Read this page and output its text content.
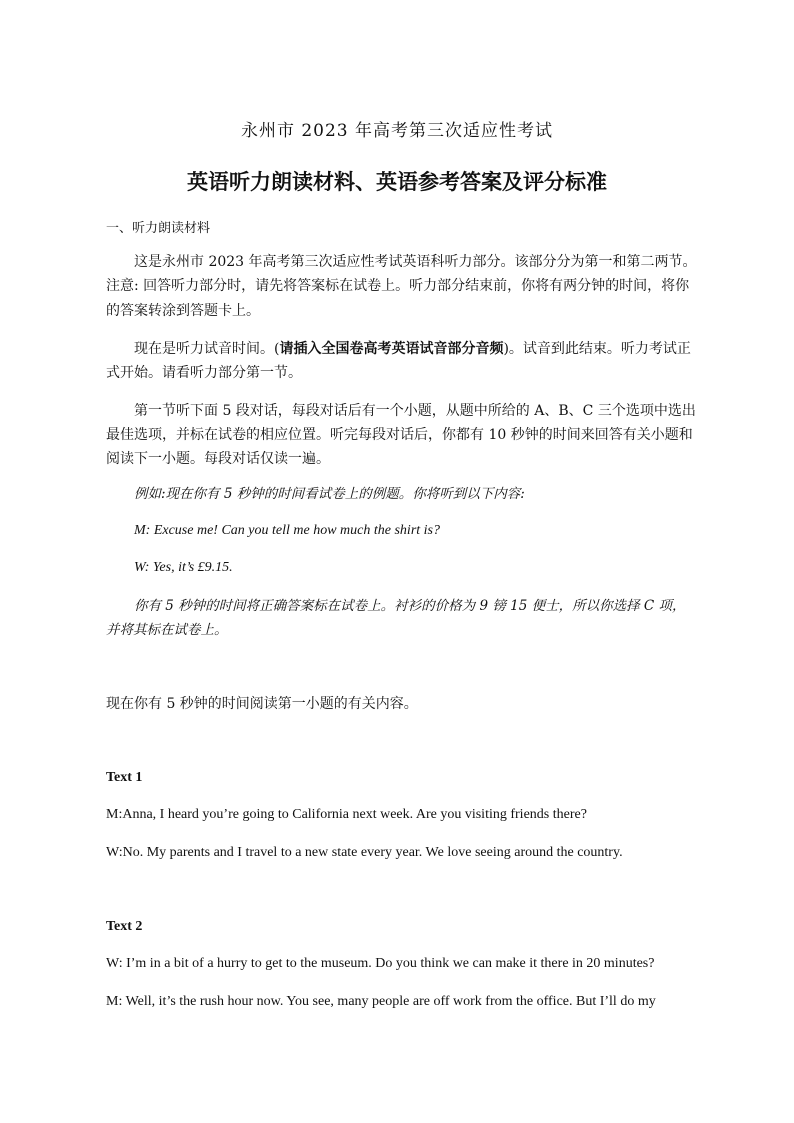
永州市 2023 年高考第三次适应性考试
英语听力朗读材料、英语参考答案及评分标准
一、听力朗读材料
这是永州市 2023 年高考第三次适应性考试英语科听力部分。该部分分为第一和第二两节。
注意: 回答听力部分时，请先将答案标在试卷上。听力部分结束前，你将有两分钟的时间，将你
的答案转涂到答题卡上。
现在是听力试音时间。(请插入全国卷高考英语试音部分音频)。试音到此结束。听力考试正
式开始。请看听力部分第一节。
第一节听下面 5 段对话，每段对话后有一个小题，从题中所给的 A、B、C 三个选项中选出
最佳选项，并标在试卷的相应位置。听完每段对话后，你都有 10 秒钟的时间来回答有关小题和
阅读下一小题。每段对话仅读一遍。
例如:现在你有 5 秒钟的时间看试卷上的例题。你将听到以下内容:
M: Excuse me! Can you tell me how much the shirt is?
W: Yes, it’s £9.15.
你有 5 秒钟的时间将正确答案标在试卷上。衬衫的价格为 9 镑 15 便士，所以你选择 C 项，
并将其标在试卷上。
现在你有 5 秒钟的时间阅读第一小题的有关内容。
Text 1
M:Anna, I heard you’re going to California next week. Are you visiting friends there?
W:No. My parents and I travel to a new state every year. We love seeing around the country.
Text 2
W: I’m in a bit of a hurry to get to the museum. Do you think we can make it there in 20 minutes?
M: Well, it’s the rush hour now. You see, many people are off work from the office. But I’ll do my
